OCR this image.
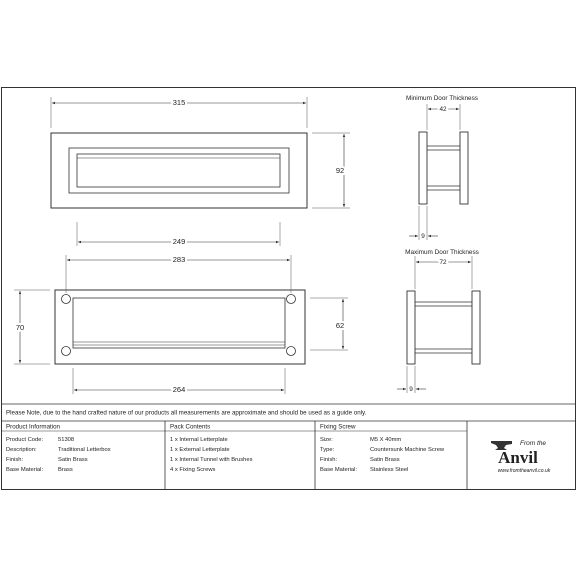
315
92
249
283
70	62
264
Minimum Door Thickness
42
9
Maximum Door Thickness
72
9
Please Note, due to the hand crafted nature of our products all measurements are approximate and should be used as a guide only.
Product Information
Product Code:	51308
Description:	Traditional Letterbox
Finish:	Satin Brass
Base Material:	Brass
Pack Contents
1 x Internal Letterplate
1 x External Letterplate
1 x Internal Tunnel with Brushes
4 x Fixing Screws
Fixing Screw
Size:	M5 X 40mm
Type:	Countersunk Machine Screw
Finish:	Satin Brass
Base Material: Stainless Steel
From the
Anvil
www.fromtheanvil.co.uk
